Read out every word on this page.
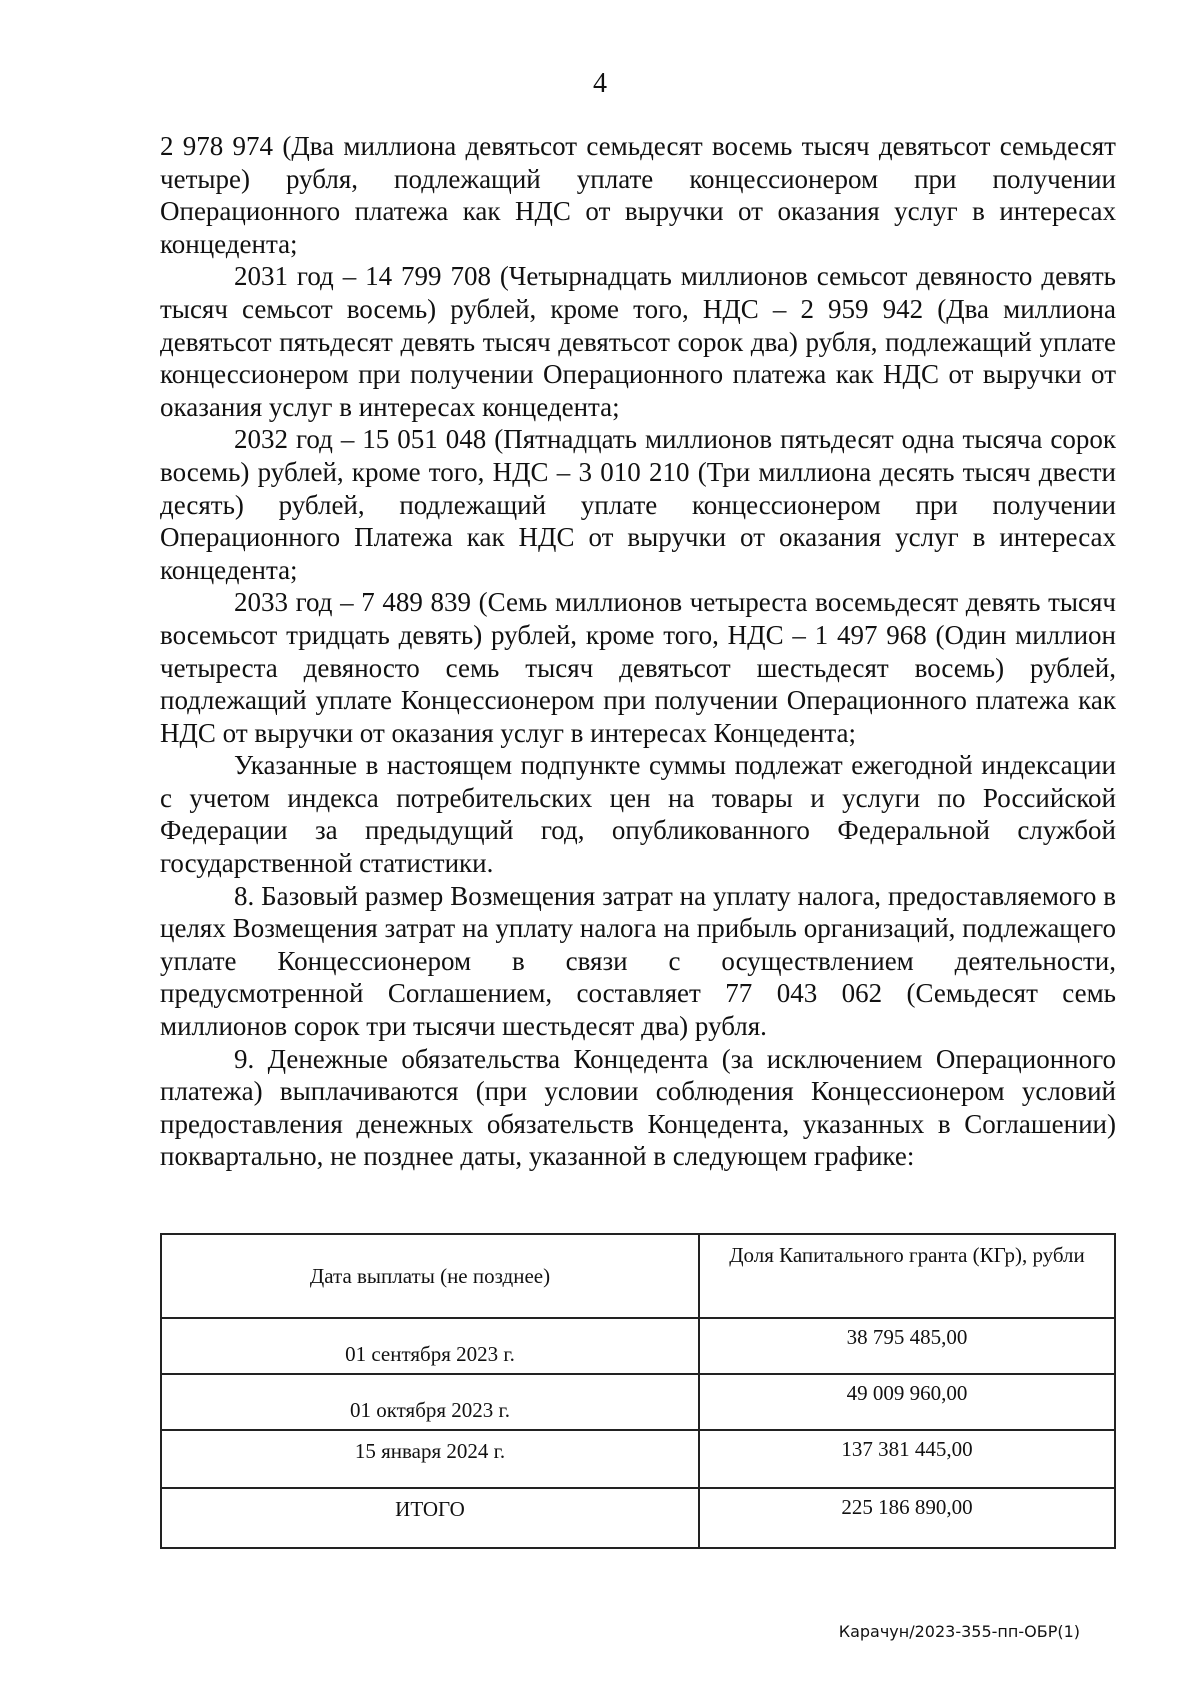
4

2 978 974 (Два миллиона девятьсот семьдесят восемь тысяч девятьсот семьдесят четыре) рубля, подлежащий уплате концессионером при получении Операционного платежа как НДС от выручки от оказания услуг в интересах концедента;

2031 год – 14 799 708 (Четырнадцать миллионов семьсот девяносто девять тысяч семьсот восемь) рублей, кроме того, НДС – 2 959 942 (Два миллиона девятьсот пятьдесят девять тысяч девятьсот сорок два) рубля, подлежащий уплате концессионером при получении Операционного платежа как НДС от выручки от оказания услуг в интересах концедента;

2032 год – 15 051 048 (Пятнадцать миллионов пятьдесят одна тысяча сорок восемь) рублей, кроме того, НДС – 3 010 210 (Три миллиона десять тысяч двести десять) рублей, подлежащий уплате концессионером при получении Операционного Платежа как НДС от выручки от оказания услуг в интересах концедента;

2033 год – 7 489 839 (Семь миллионов четыреста восемьдесят девять тысяч восемьсот тридцать девять) рублей, кроме того, НДС – 1 497 968 (Один миллион четыреста девяносто семь тысяч девятьсот шестьдесят восемь) рублей, подлежащий уплате Концессионером при получении Операционного платежа как НДС от выручки от оказания услуг в интересах Концедента;

Указанные в настоящем подпункте суммы подлежат ежегодной индексации с учетом индекса потребительских цен на товары и услуги по Российской Федерации за предыдущий год, опубликованного Федеральной службой государственной статистики.

8. Базовый размер Возмещения затрат на уплату налога, предоставляемого в целях Возмещения затрат на уплату налога на прибыль организаций, подлежащего уплате Концессионером в связи с осуществлением деятельности, предусмотренной Соглашением, составляет 77 043 062 (Семьдесят семь миллионов сорок три тысячи шестьдесят два) рубля.

9. Денежные обязательства Концедента (за исключением Операционного платежа) выплачиваются (при условии соблюдения Концессионером условий предоставления денежных обязательств Концедента, указанных в Соглашении) поквартально, не позднее даты, указанной в следующем графике:

Дата выплаты (не позднее)	Доля Капитального гранта (КГр), рубли
01 сентября 2023 г.	38 795 485,00
01 октября 2023 г.	49 009 960,00
15 января 2024 г.	137 381 445,00
ИТОГО	225 186 890,00
Карачун/2023-355-пп-ОБР(1)
